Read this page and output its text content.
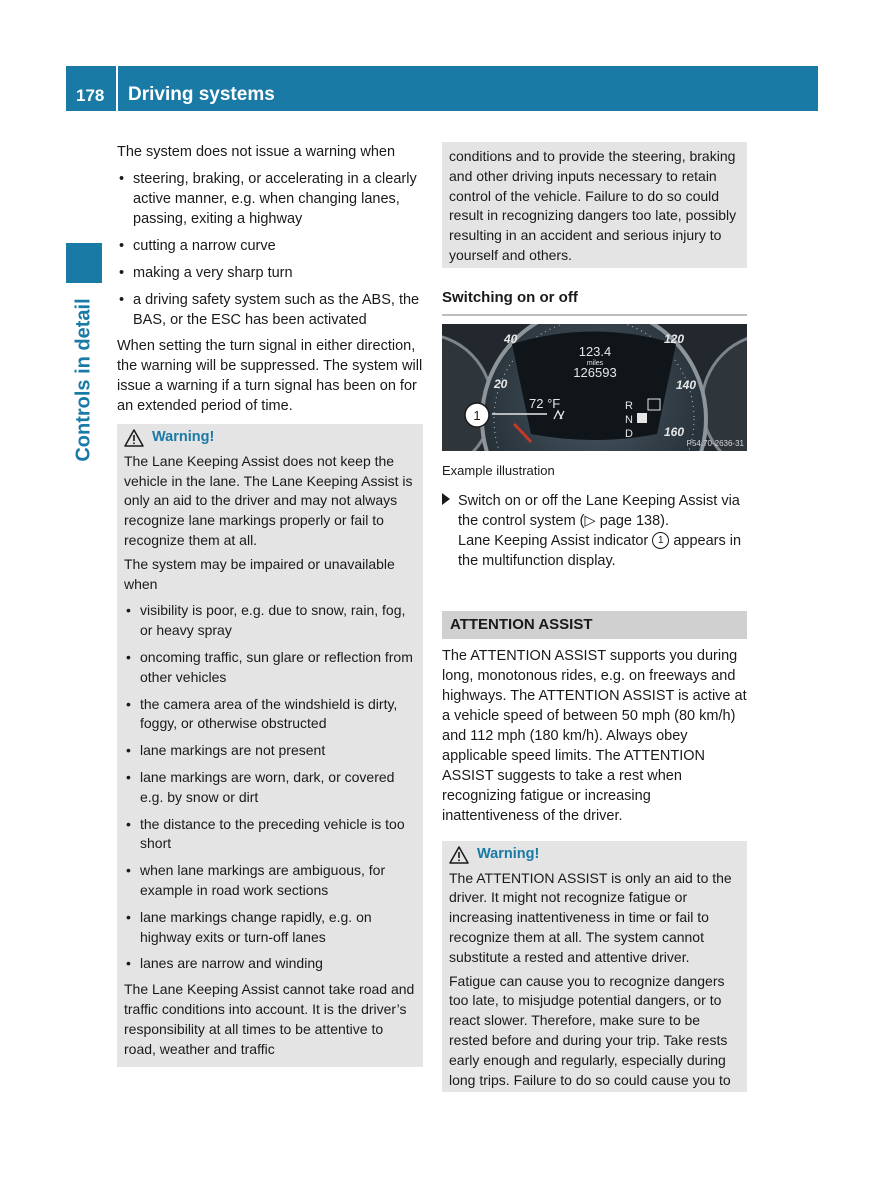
178 Driving systems
Controls in detail

The system does not issue a warning when

• steering, braking, or accelerating in a clearly active manner, e.g. when changing lanes, passing, exiting a highway
• cutting a narrow curve
• making a very sharp turn
• a driving safety system such as the ABS, the BAS, or the ESC has been activated

When setting the turn signal in either direction, the warning will be suppressed. The system will issue a warning if a turn signal has been on for an extended period of time.

Warning!

The Lane Keeping Assist does not keep the vehicle in the lane. The Lane Keeping Assist is only an aid to the driver and may not always recognize lane markings properly or fail to recognize them at all.

The system may be impaired or unavailable when

• visibility is poor, e.g. due to snow, rain, fog, or heavy spray
• oncoming traffic, sun glare or reflection from other vehicles
• the camera area of the windshield is dirty, foggy, or otherwise obstructed
• lane markings are not present
• lane markings are worn, dark, or covered e.g. by snow or dirt
• the distance to the preceding vehicle is too short
• when lane markings are ambiguous, for example in road work sections
• lane markings change rapidly, e.g. on highway exits or turn-off lanes
• lanes are narrow and winding

The Lane Keeping Assist cannot take road and traffic conditions into account. It is the driver’s responsibility at all times to be attentive to road, weather and traffic

conditions and to provide the steering, braking and other driving inputs necessary to retain control of the vehicle. Failure to do so could result in recognizing dangers too late, possibly resulting in an accident and serious injury to yourself and others.

Switching on or off
40	120
20	140
160
123.4
miles
126593
72 °F	R
N
D
1
P54.70-2636-31

Example illustration

Switch on or off the Lane Keeping Assist via the control system (▷ page 138).

Lane Keeping Assist indicator 1 appears in the multifunction display.

ATTENTION ASSIST

The ATTENTION ASSIST supports you during long, monotonous rides, e.g. on freeways and highways. The ATTENTION ASSIST is active at a vehicle speed of between 50 mph (80 km/h) and 112 mph (180 km/h). Always obey applicable speed limits. The ATTENTION ASSIST suggests to take a rest when recognizing fatigue or increasing inattentiveness of the driver.

Warning!

The ATTENTION ASSIST is only an aid to the driver. It might not recognize fatigue or increasing inattentiveness in time or fail to recognize them at all. The system cannot substitute a rested and attentive driver.

Fatigue can cause you to recognize dangers too late, to misjudge potential dangers, or to react slower. Therefore, make sure to be rested before and during your trip. Take rests early enough and regularly, especially during long trips. Failure to do so could cause you to
